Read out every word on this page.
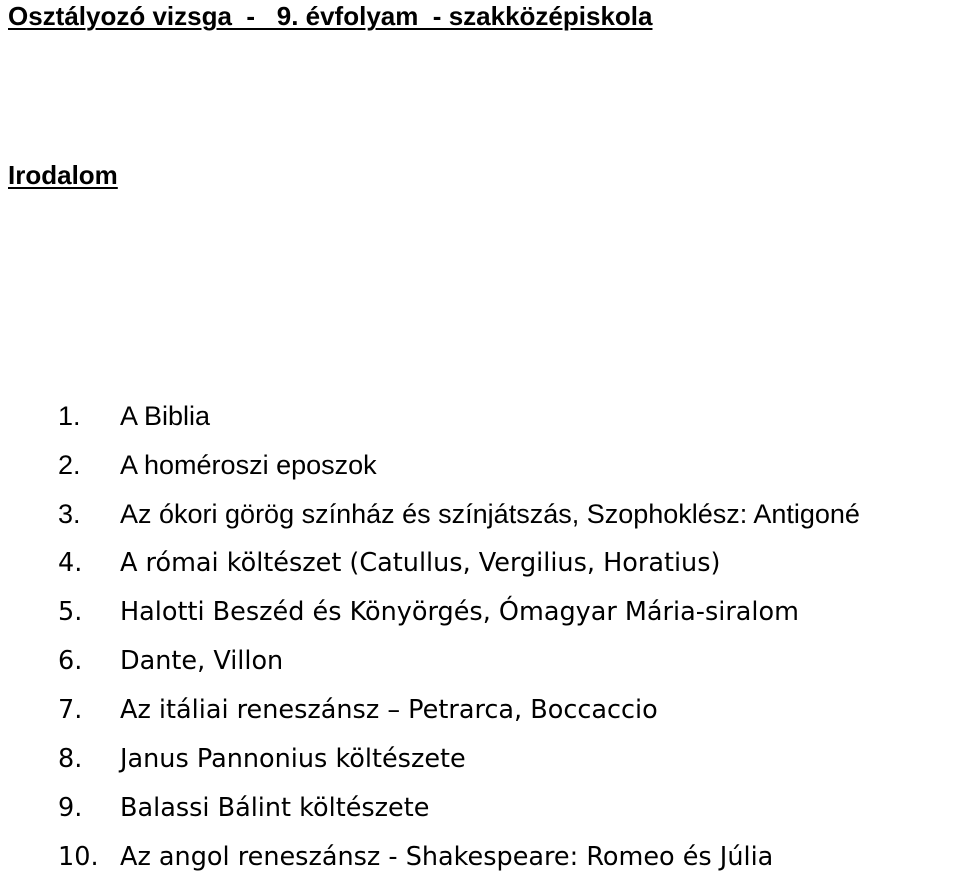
Osztályozó vizsga  -   9. évfolyam  - szakközépiskola
Irodalom
1.	A Biblia
2.	A homéroszi eposzok
3.	Az ókori görög színház és színjátszás, Szophoklész: Antigoné
4.	A római költészet (Catullus, Vergilius, Horatius)
5.	Halotti Beszéd és Könyörgés, Ómagyar Mária-siralom
6.	Dante, Villon
7.	Az itáliai reneszánsz – Petrarca, Boccaccio
8.	Janus Pannonius költészete
9.	Balassi Bálint költészete
10. Az angol reneszánsz - Shakespeare: Romeo és Júlia
